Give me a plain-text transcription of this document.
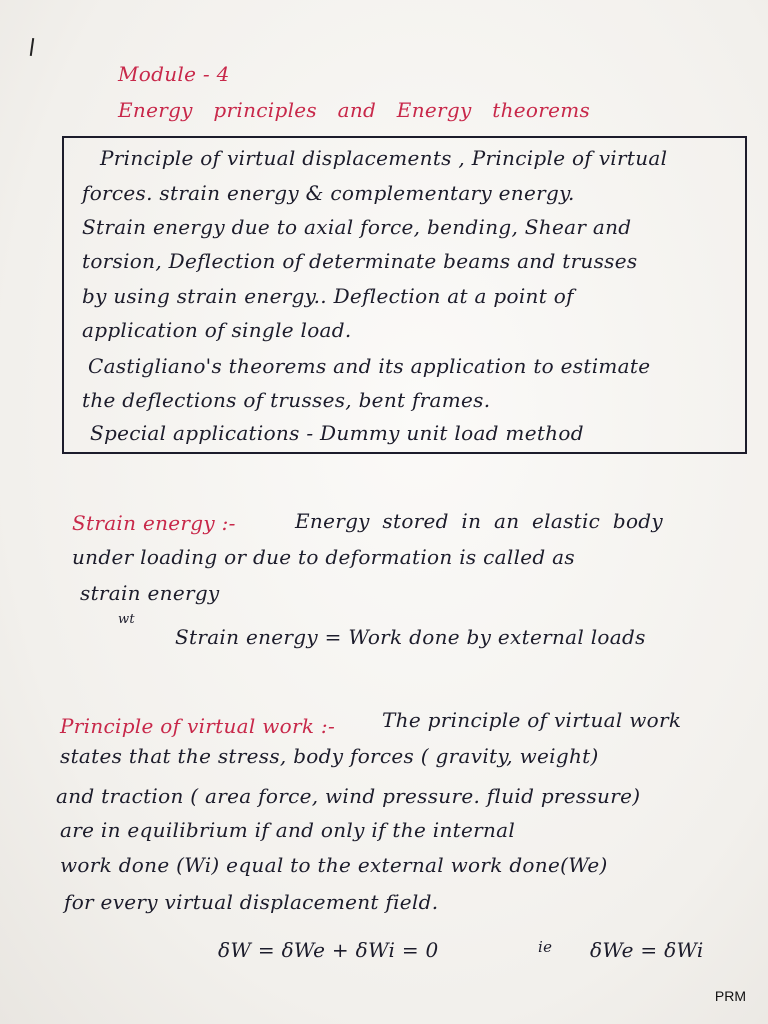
Module - 4
Energy principles and Energy theorems
Principle of virtual displacements , Principle of virtual
forces. strain energy & complementary energy.
Strain energy due to axial force, bending, Shear and
torsion, Deflection of determinate beams and trusses
by using strain energy.. Deflection at a point of
application of single load.
Castigliano's theorems and its application to estimate
the deflections of trusses, bent frames.
Special applications - Dummy unit load method
Strain energy :-	Energy stored in an elastic body
under loading or due to deformation is called as
strain energy
wt
Strain energy = Work done by external loads
Principle of virtual work :- The principle of virtual work
states that the stress, body forces ( gravity, weight)
and traction ( area force, wind pressure. fluid pressure)
are in equilibrium if and only if the internal
work done (Wi) equal to the external work done(We)
for every virtual displacement field.
δW = δWe + δWi = 0	ie δWe = δWi
PRM
